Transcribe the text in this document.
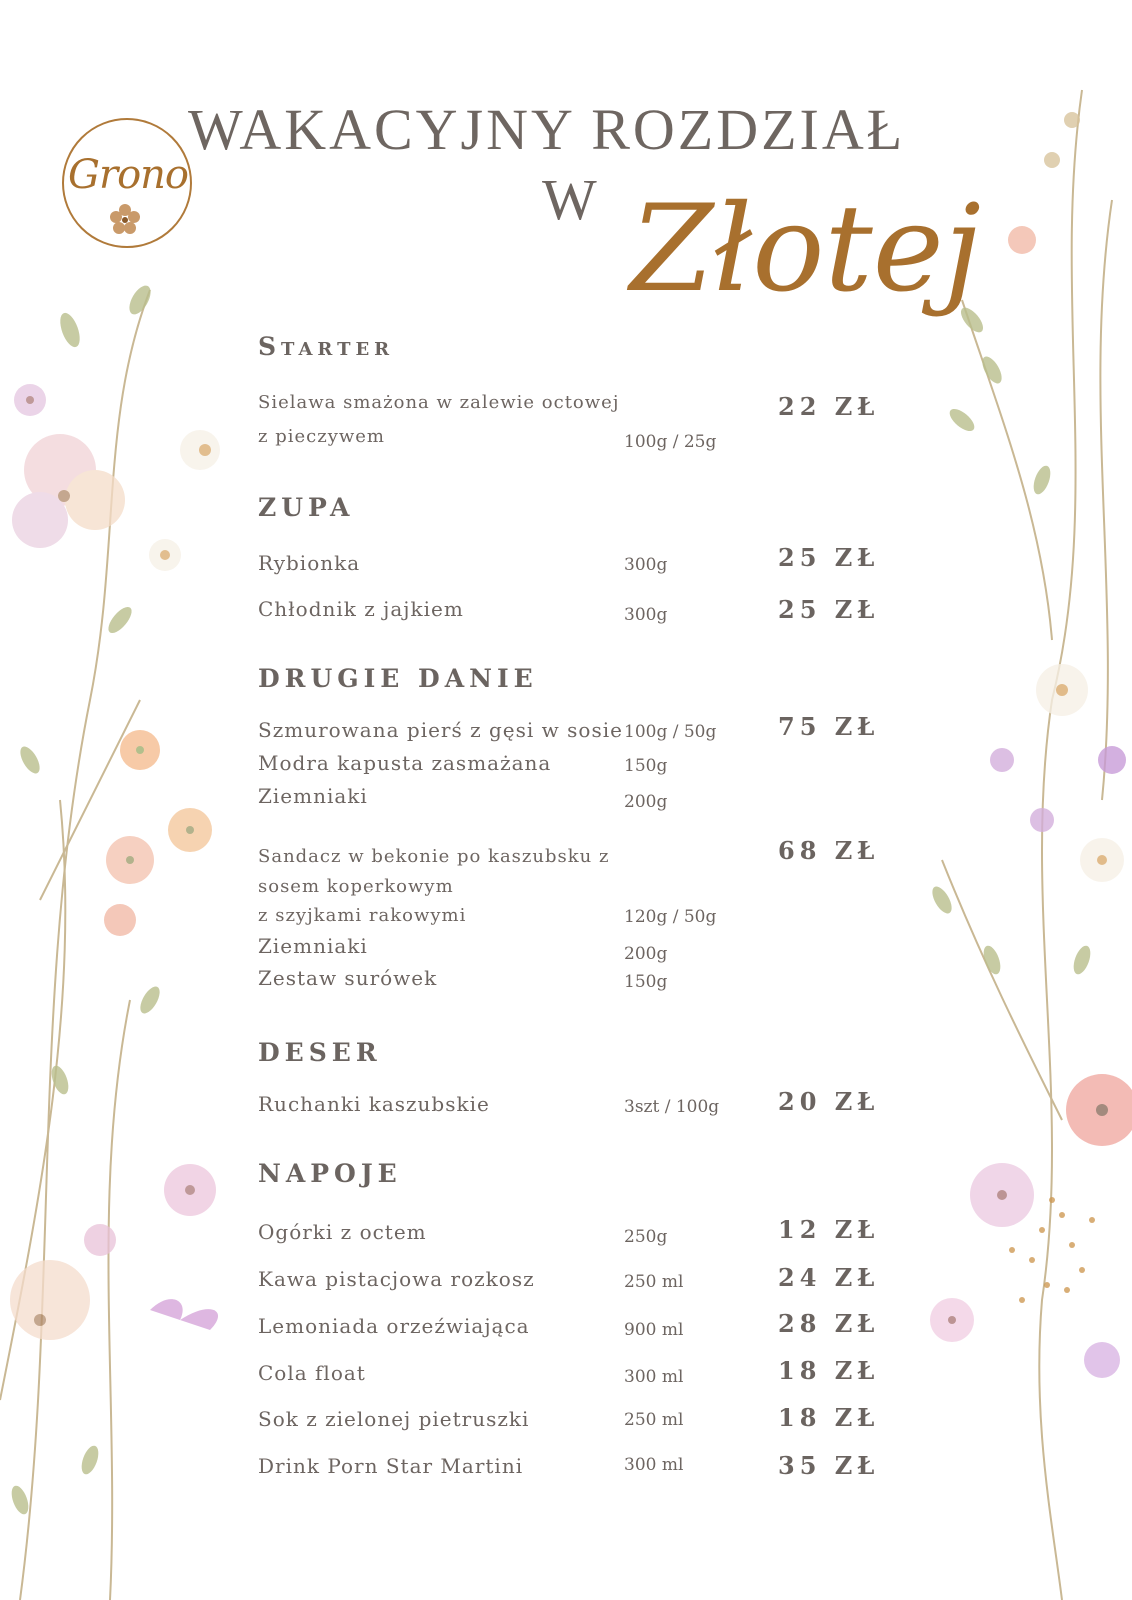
Grono
WAKACYJNY ROZDZIAŁ
W Złotej
Starter
Sielawa smażona w zalewie octowej
z pieczywem	100g / 25g
22 ZŁ
ZUPA
Rybionka	300g	25 ZŁ
Chłodnik z jajkiem	300g	25 ZŁ
DRUGIE DANIE
Szmurowana pierś z gęsi w sosie 100g / 50g	75 ZŁ
Modra kapusta zasmażana	150g
Ziemniaki	200g
Sandacz w bekonie po kaszubsku z	68 ZŁ
sosem koperkowym
z szyjkami rakowymi	120g / 50g
Ziemniaki	200g
Zestaw surówek	150g
DESER
Ruchanki kaszubskie	3szt / 100g 20 ZŁ
NAPOJE
Ogórki z octem	250g	12 ZŁ
Kawa pistacjowa rozkosz	250 ml	24 ZŁ
Lemoniada orzeźwiająca	900 ml	28 ZŁ
Cola float	300 ml	18 ZŁ
Sok z zielonej pietruszki	250 ml	18 ZŁ
Drink Porn Star Martini	300 ml	35 ZŁ
